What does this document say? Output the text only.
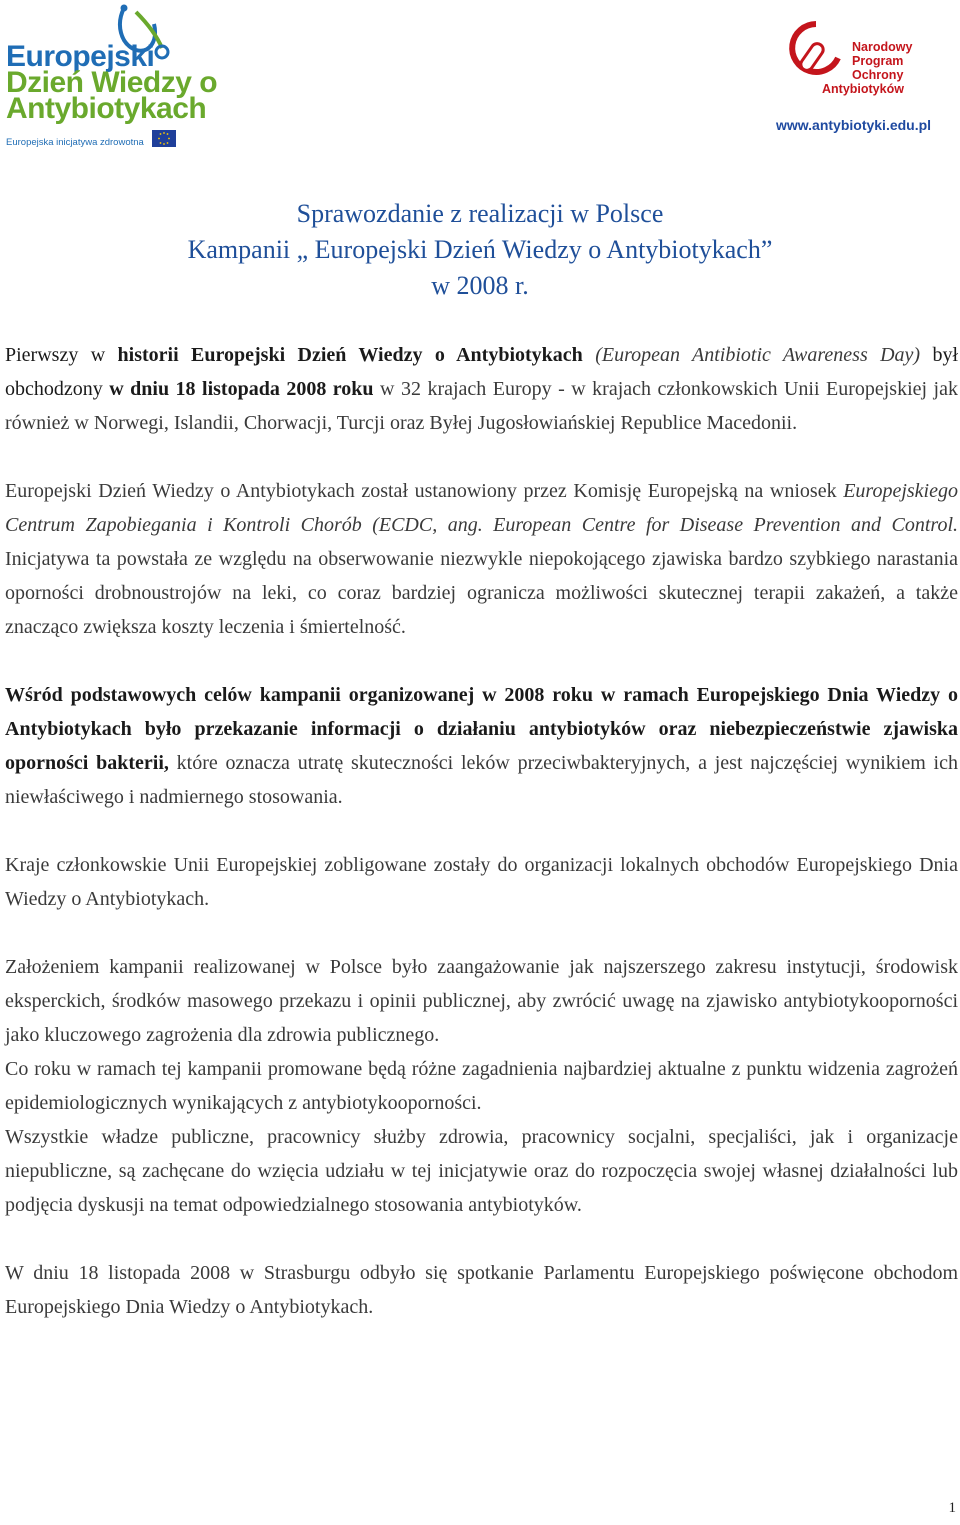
Europejski
Dzień Wiedzy o
Antybiotykach
Europejska inicjatywa zdrowotna
Narodowy
Program
Ochrony
Antybiotyków
www.antybiotyki.edu.pl
Sprawozdanie z realizacji w Polsce
Kampanii „ Europejski Dzień Wiedzy o Antybiotykach”
w 2008 r.

Pierwszy w historii Europejski Dzień Wiedzy o Antybiotykach (European Antibiotic Awareness Day) był obchodzony w dniu 18 listopada 2008 roku w 32 krajach Europy - w krajach członkowskich Unii Europejskiej jak również w Norwegi, Islandii, Chorwacji, Turcji oraz Byłej Jugosłowiańskiej Republice Macedonii.

Europejski Dzień Wiedzy o Antybiotykach został ustanowiony przez Komisję Europejską na wniosek Europejskiego Centrum Zapobiegania i Kontroli Chorób (ECDC, ang. European Centre for Disease Prevention and Control. Inicjatywa ta powstała ze względu na obserwowanie niezwykle niepokojącego zjawiska bardzo szybkiego narastania oporności drobnoustrojów na leki, co coraz bardziej ogranicza możliwości skutecznej terapii zakażeń, a także znacząco zwiększa koszty leczenia i śmiertelność.

Wśród podstawowych celów kampanii organizowanej w 2008 roku w ramach Europejskiego Dnia Wiedzy o Antybiotykach było przekazanie informacji o działaniu antybiotyków oraz niebezpieczeństwie zjawiska oporności bakterii, które oznacza utratę skuteczności leków przeciwbakteryjnych, a jest najczęściej wynikiem ich niewłaściwego i nadmiernego stosowania.

Kraje członkowskie Unii Europejskiej zobligowane zostały do organizacji lokalnych obchodów Europejskiego Dnia Wiedzy o Antybiotykach.

Założeniem kampanii realizowanej w Polsce było zaangażowanie jak najszerszego zakresu instytucji, środowisk eksperckich, środków masowego przekazu i opinii publicznej, aby zwrócić uwagę na zjawisko antybiotykooporności jako kluczowego zagrożenia dla zdrowia publicznego.

Co roku w ramach tej kampanii promowane będą różne zagadnienia najbardziej aktualne z punktu widzenia zagrożeń epidemiologicznych wynikających z antybiotykooporności.

Wszystkie władze publiczne, pracownicy służby zdrowia, pracownicy socjalni, specjaliści, jak i organizacje niepubliczne, są zachęcane do wzięcia udziału w tej inicjatywie oraz do rozpoczęcia swojej własnej działalności lub podjęcia dyskusji na temat odpowiedzialnego stosowania antybiotyków.

W dniu 18 listopada 2008 w Strasburgu odbyło się spotkanie Parlamentu Europejskiego poświęcone obchodom Europejskiego Dnia Wiedzy o Antybiotykach.

1
